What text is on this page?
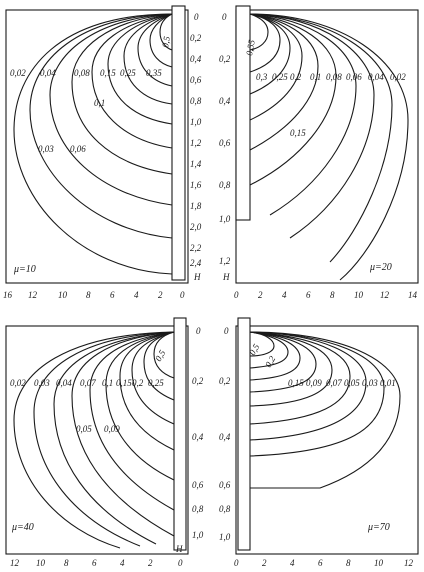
0
0,2
0,4
0,6
0,8
1,0
1,2
1,4
1,6
1,8
2,0
2,2
2,4
H
μ=10
16 12 10 8 6 4 2 0
0,02 0,04 0,08 0,15 0,25 0,35
0,5
0,1
0,03 0,06
0
0,2
0,4
0,6
0,8
1,0
1,2
H
μ=20
0 2 4 6 8 10 12 14
0,55
0,3 0,25 0,2 0,1 0,08 0,06 0,04 0,02
0,15
0
0,2
0,4
0,6
0,8
1,0
H
μ=40
12 10 8	6	4	2	0
0,02 0,03 0,04 0,07 0,1 0,15 0,2 0,25
0,5
0,05 0,09
0
0,2
0,4
0,6
0,8
1,0
μ=70
0	2	4	6	8	10 12
0,5
0,2
0,15 0,09 0,07 0,05 0,03 0,01
